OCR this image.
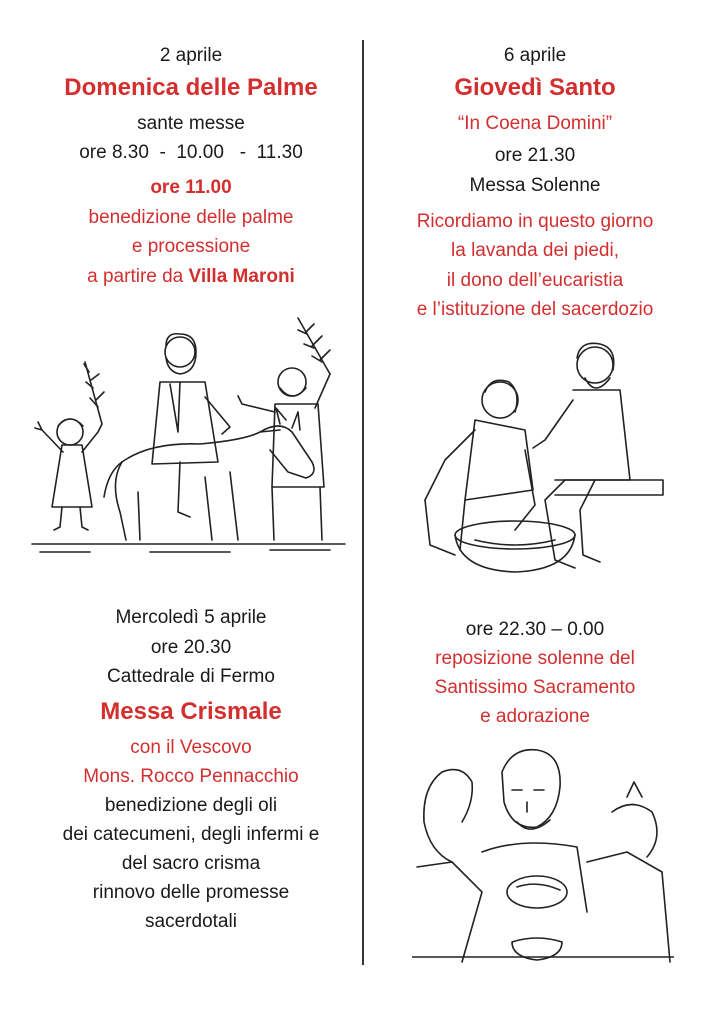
2 aprile
Domenica delle Palme
sante messe
ore 8.30  -  10.00   -  11.30
ore 11.00
benedizione delle palme
e processione
a partire da Villa Maroni
6 aprile
Giovedì Santo
“In Coena Domini”
ore 21.30
Messa Solenne
Ricordiamo in questo giorno
la lavanda dei piedi,
il dono dell’eucaristia
e l’istituzione del sacerdozio
Mercoledì 5 aprile
ore 20.30
Cattedrale di Fermo
Messa Crismale
con il Vescovo
Mons. Rocco Pennacchio
benedizione degli oli
dei catecumeni, degli infermi e
del sacro crisma
rinnovo delle promesse
sacerdotali
ore 22.30 – 0.00
reposizione solenne del
Santissimo Sacramento
e adorazione
